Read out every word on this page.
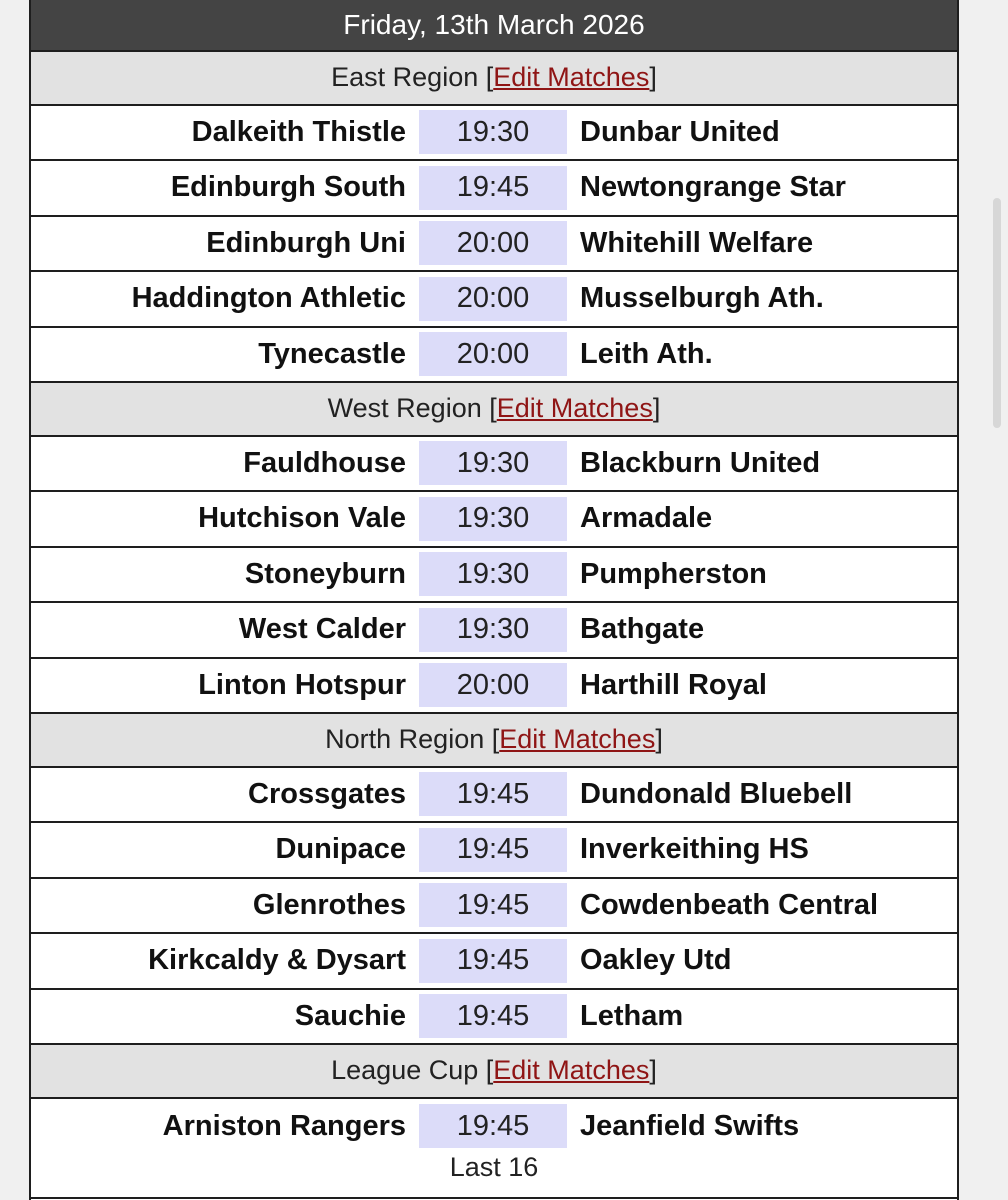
Friday, 13th March 2026
East Region [ Edit Matches ]
Dalkeith Thistle	19:30	Dunbar United
Edinburgh South	19:45	Newtongrange Star
Edinburgh Uni	20:00	Whitehill Welfare
Haddington Athletic	20:00	Musselburgh Ath.
Tynecastle	20:00	Leith Ath.
West Region [ Edit Matches ]
Fauldhouse	19:30	Blackburn United
Hutchison Vale	19:30	Armadale
Stoneyburn	19:30	Pumpherston
West Calder	19:30	Bathgate
Linton Hotspur	20:00	Harthill Royal
North Region [ Edit Matches ]
Crossgates	19:45	Dundonald Bluebell
Dunipace	19:45	Inverkeithing HS
Glenrothes	19:45	Cowdenbeath Central
Kirkcaldy & Dysart	19:45	Oakley Utd
Sauchie	19:45	Letham
League Cup [ Edit Matches ]
Arniston Rangers	19:45	Jeanfield Swifts
Last 16
